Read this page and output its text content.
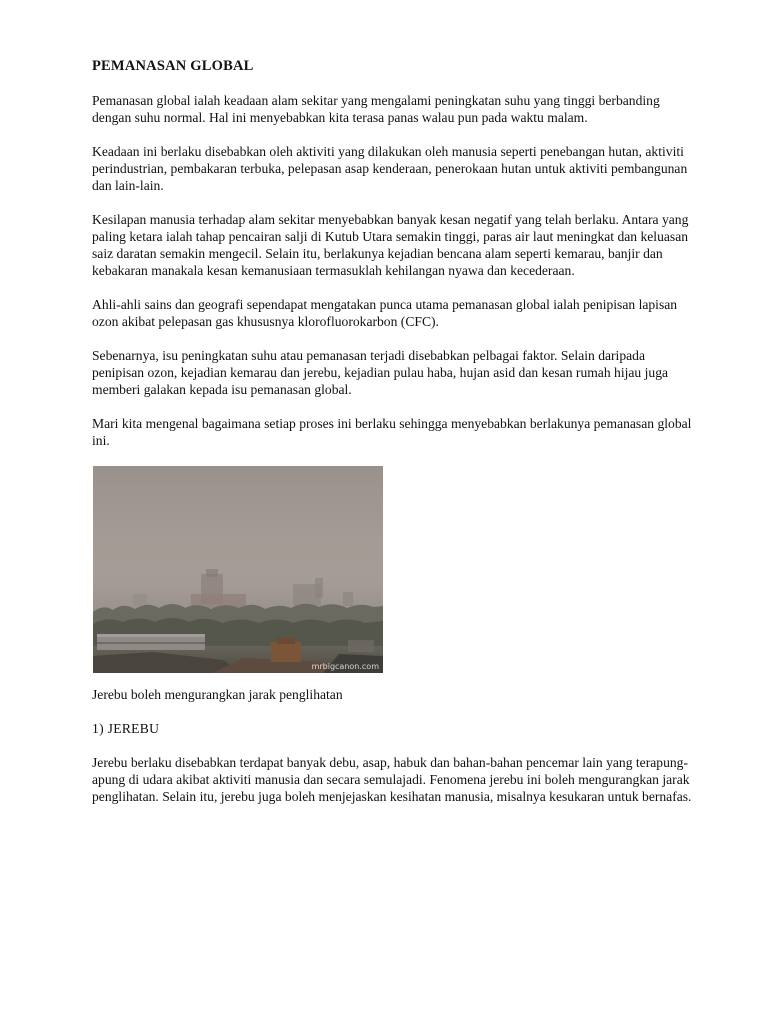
PEMANASAN GLOBAL

Pemanasan global ialah keadaan alam sekitar yang mengalami peningkatan suhu yang tinggi berbanding dengan suhu normal. Hal ini menyebabkan kita terasa panas walau pun pada waktu malam.

Keadaan ini berlaku disebabkan oleh aktiviti yang dilakukan oleh manusia seperti penebangan hutan, aktiviti perindustrian, pembakaran terbuka, pelepasan asap kenderaan, penerokaan hutan untuk aktiviti pembangunan dan lain-lain.

Kesilapan manusia terhadap alam sekitar menyebabkan banyak kesan negatif yang telah berlaku. Antara yang paling ketara ialah tahap pencairan salji di Kutub Utara semakin tinggi, paras air laut meningkat dan keluasan saiz daratan semakin mengecil. Selain itu, berlakunya kejadian bencana alam seperti kemarau, banjir dan kebakaran manakala kesan kemanusiaan termasuklah kehilangan nyawa dan kecederaan.

Ahli-ahli sains dan geografi sependapat mengatakan punca utama pemanasan global ialah penipisan lapisan ozon akibat pelepasan gas khususnya klorofluorokarbon (CFC).

Sebenarnya, isu peningkatan suhu atau pemanasan terjadi disebabkan pelbagai faktor. Selain daripada penipisan ozon, kejadian kemarau dan jerebu, kejadian pulau haba, hujan asid dan kesan rumah hijau juga memberi galakan kepada isu pemanasan global.

Mari kita mengenal bagaimana setiap proses ini berlaku sehingga menyebabkan berlakunya pemanasan global ini.

mrbigcanon.com

Jerebu boleh mengurangkan jarak penglihatan

1) JEREBU

Jerebu berlaku disebabkan terdapat banyak debu, asap, habuk dan bahan-bahan pencemar lain yang terapung-apung di udara akibat aktiviti manusia dan secara semulajadi. Fenomena jerebu ini boleh mengurangkan jarak penglihatan. Selain itu, jerebu juga boleh menjejaskan kesihatan manusia, misalnya kesukaran untuk bernafas.
